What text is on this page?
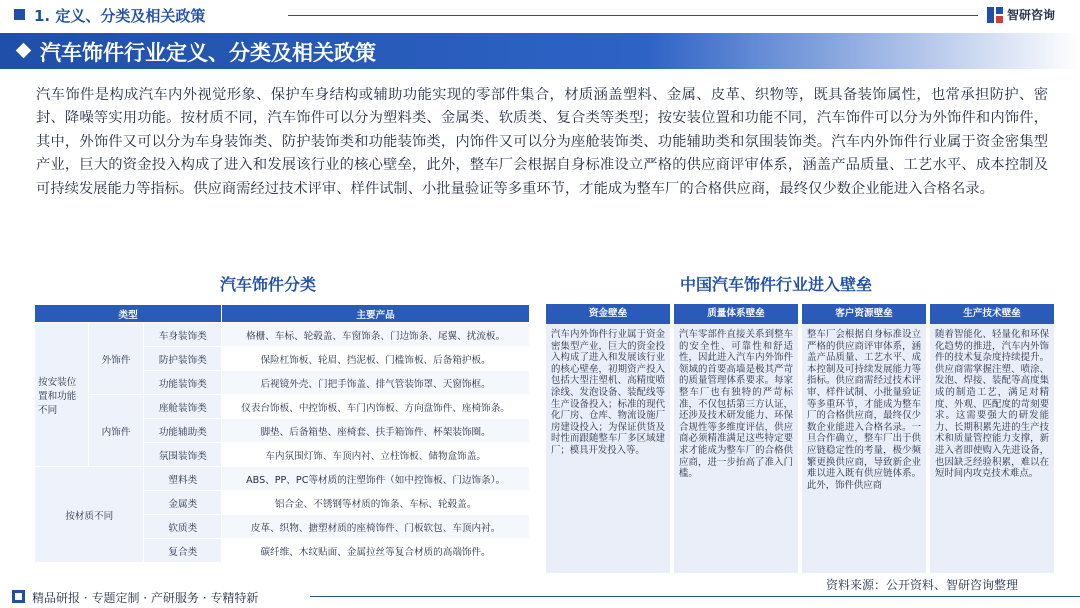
1. 定义、分类及相关政策	智研咨询
汽车饰件行业定义、分类及相关政策

汽车饰件是构成汽车内外视觉形象、保护车身结构或辅助功能实现的零部件集合，材质涵盖塑料、金属、皮革、织物等，既具备装饰属性，也常承担防护、密封、降噪等实用功能。按材质不同，汽车饰件可以分为塑料类、金属类、软质类、复合类等类型；按安装位置和功能不同，汽车饰件可以分为外饰件和内饰件，其中，外饰件又可以分为车身装饰类、防护装饰类和功能装饰类，内饰件又可以分为座舱装饰类、功能辅助类和氛围装饰类。汽车内外饰件行业属于资金密集型产业，巨大的资金投入构成了进入和发展该行业的核心壁垒，此外，整车厂会根据自身标准设立严格的供应商评审体系，涵盖产品质量、工艺水平、成本控制及可持续发展能力等指标。供应商需经过技术评审、样件试制、小批量验证等多重环节，才能成为整车厂的合格供应商，最终仅少数企业能进入合格名录。

汽车饰件分类	中国汽车饰件行业进入壁垒
类型			主要产品
按安装位置和功能不同	外饰件	车身装饰类	格栅、车标、轮毂盖、车窗饰条、门边饰条、尾翼、扰流板。
		防护装饰类	保险杠饰板、轮眉、挡泥板、门槛饰板、后备箱护板。
		功能装饰类	后视镜外壳、门把手饰盖、排气管装饰罩、天窗饰框。
	内饰件	座舱装饰类	仪表台饰板、中控饰板、车门内饰板、方向盘饰件、座椅饰条。
		功能辅助类	脚垫、后备箱垫、座椅套、扶手箱饰件、杯架装饰圈。
		氛围装饰类	车内氛围灯饰、车顶内衬、立柱饰板、储物盒饰盖。
按材质不同		塑料类	ABS、PP、PC等材质的注塑饰件（如中控饰板、门边饰条）。
		金属类	铝合金、不锈钢等材质的饰条、车标、轮毂盖。
		软质类	皮革、织物、搪塑材质的座椅饰件、门板软包、车顶内衬。
		复合类	碳纤维、木纹贴面、金属拉丝等复合材质的高端饰件。
资金壁垒
汽车内外饰件行业属于资金密集型产业，巨大的资金投入构成了进入和发展该行业的核心壁垒，初期资产投入包括大型注塑机、高精度喷涂线、发泡设备、装配线等生产设备投入；标准的现代化厂房、仓库、物流设施厂房建设投入；为保证供货及时性而跟随整车厂多区域建厂；模具开发投入等。
质量体系壁垒
汽车零部件直接关系到整车的安全性、可靠性和舒适性，因此进入汽车内外饰件领域的首要高墙是极其严苛的质量管理体系要求。每家整车厂也有独特的严苛标准，不仅包括第三方认证，还涉及技术研发能力、环保合规性等多维度评估，供应商必须精准满足这些特定要求才能成为整车厂的合格供应商，进一步抬高了准入门槛。
客户资源壁垒
整车厂会根据自身标准设立严格的供应商评审体系，涵盖产品质量、工艺水平、成本控制及可持续发展能力等指标。供应商需经过技术评审、样件试制、小批量验证等多重环节，才能成为整车厂的合格供应商，最终仅少数企业能进入合格名录。一旦合作确立，整车厂出于供应链稳定性的考量，极少频繁更换供应商，导致新企业难以进入既有供应链体系。此外，饰件供应商
生产技术壁垒
随着智能化、轻量化和环保化趋势的推进，汽车内外饰件的技术复杂度持续提升。供应商需掌握注塑、喷涂、发泡、焊接、装配等高度集成的制造工艺，满足对精度、外观、匹配度的苛刻要求。这需要强大的研发能力、长期积累先进的生产技术和质量管控能力支撑，新进入者即使购入先进设备，也因缺乏经验积累，难以在短时间内攻克技术难点。
资料来源：公开资料、智研咨询整理
精品研报 · 专题定制 · 产研服务 · 专精特新
